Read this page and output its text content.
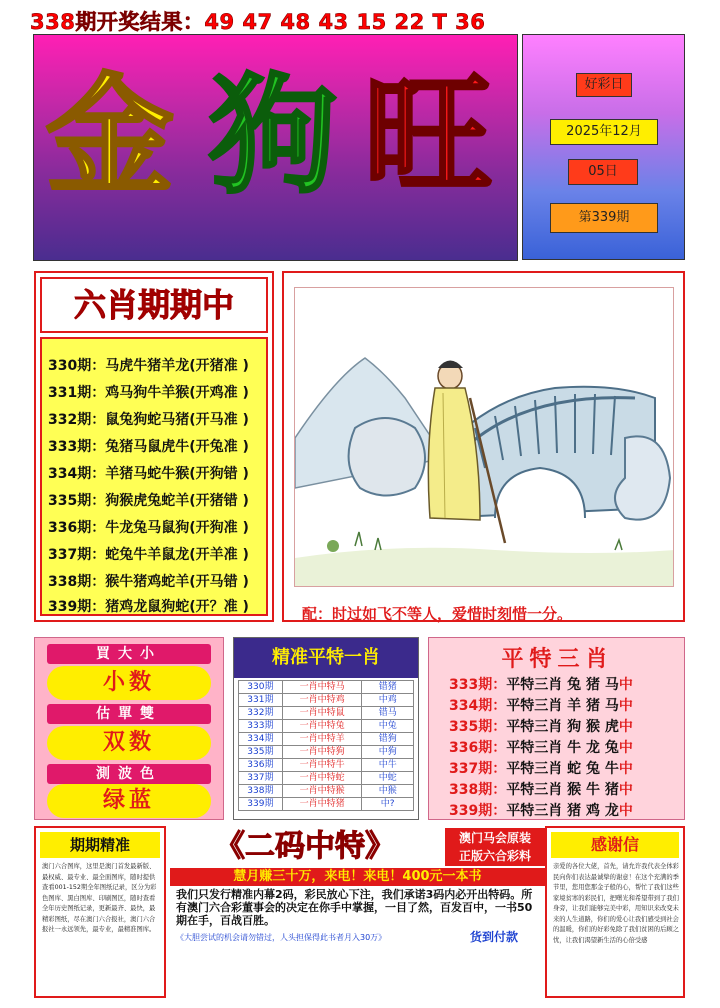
338期开奖结果：49 47 48 43 15 22 T 36
金 狗 旺	好彩日
2025年12月
05日
第339期
六肖期期中
330期：马虎牛猪羊龙(开猪准 )
331期：鸡马狗牛羊猴(开鸡准 )
332期：鼠兔狗蛇马猪(开马准 )
333期：兔猪马鼠虎牛(开兔准 )
334期：羊猪马蛇牛猴(开狗错 )
335期：狗猴虎兔蛇羊(开猪错 )
336期：牛龙兔马鼠狗(开狗准 )
337期：蛇兔牛羊鼠龙(开羊准 )
338期：猴牛猪鸡蛇羊(开马错 )
339期：猪鸡龙鼠狗蛇(开？准 )	配：时过如飞不等人，爱惜时刻惜一分。
買大小
小数
估單雙
双数
測波色
绿蓝
精准平特一肖
330期	一肖中特马	错猪
331期	一肖中特鸡	中鸡
332期	一肖中特鼠	错马
333期	一肖中特兔	中兔
334期	一肖中特羊	错狗
335期	一肖中特狗	中狗
336期	一肖中特牛	中牛
337期	一肖中特蛇	中蛇
338期	一肖中特猴	中猴
339期	一肖中特猪	中?
平特三肖
333期：平特三肖 兔 猪 马中
334期：平特三肖 羊 猪 马中
335期：平特三肖 狗 猴 虎中
336期：平特三肖 牛 龙 兔中
337期：平特三肖 蛇 兔 牛中
338期：平特三肖 猴 牛 猪中
339期：平特三肖 猪 鸡 龙中
期期精准
澳门六合图库，这里是澳门首发最新版、最权威、最专业、最全面图库，随时提供查看001-152期全年图纸记录，区分为彩色图库、黑白图库、印刷图区，随时查看全年历史图纸记录，更新最齐、最快，最精彩图纸，尽在澳门六合报社，澳门六合报社一永远领先，最专业，最精准图库。
《二码中特》	澳门马会原装
正版六合彩料
慧月赚三十万，来电！来电！400元一本书
我们只发行精准内幕2码，彩民放心下注，我们承诺3码内必开出特码。所有澳门六合彩董事会的决定在你手中掌握，一目了然，百发百中，一书50期在手，百战百胜。
《大胆尝试的机会请勿错过，人头担保得此书者月入30万》	货到付款
感谢信
亲爱的各位大佬，首先，请允许我代表全体彩民向你们表达最诚挚的谢意！在这个充满的季节里，您用您那金子般的心，帮忙了我们这些家境贫寒的彩民们，把曙光和希望带到了我们身旁，让我们能够完美中彩，用知识来改变未来的人生道路，你们的爱心让我们感受到社会的温暖，你们的好彩免除了我们贫困的后顾之忧，让我们渴望新生活的心倍受感
